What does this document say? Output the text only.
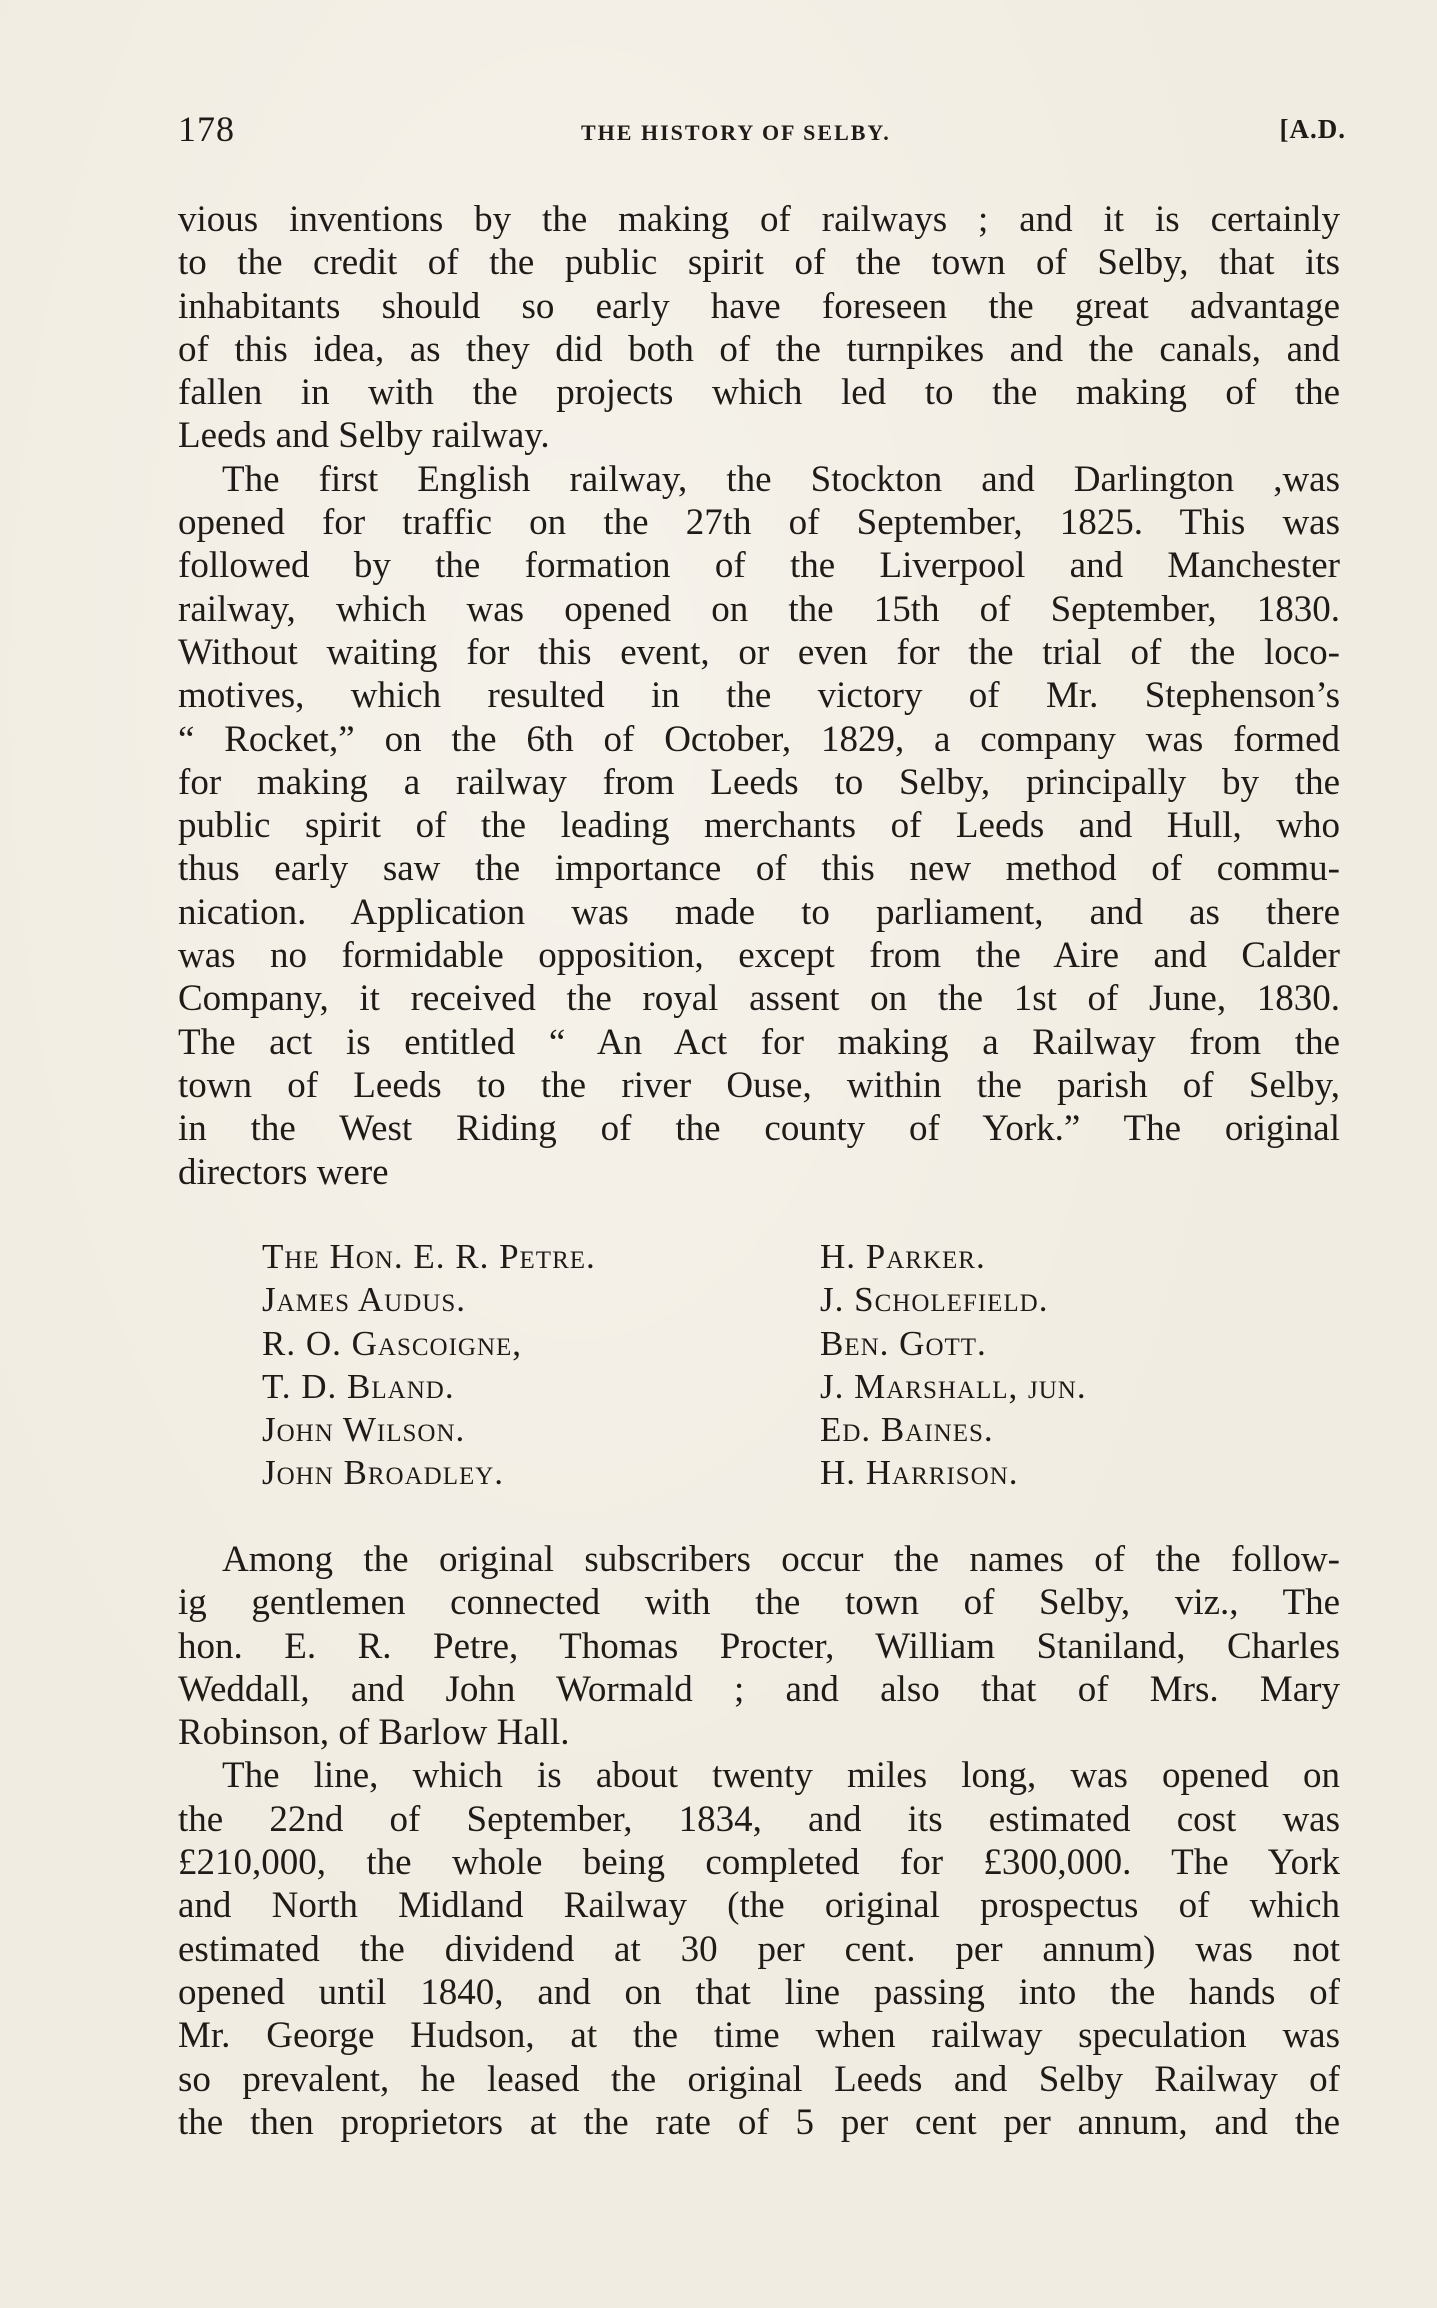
178	THE HISTORY OF SELBY.	[A.D.
vious inventions by the making of railways ; and it is certainly
to the credit of the public spirit of the town of Selby, that its
inhabitants should so early have foreseen the great advantage
of this idea, as they did both of the turnpikes and the canals, and
fallen in with the projects which led to the making of the
Leeds and Selby railway.
The first English railway, the Stockton and Darlington ,was
opened for traffic on the 27th of September, 1825. This was
followed by the formation of the Liverpool and Manchester
railway, which was opened on the 15th of September, 1830.
Without waiting for this event, or even for the trial of the loco-
motives, which resulted in the victory of Mr. Stephenson’s
“ Rocket,” on the 6th of October, 1829, a company was formed
for making a railway from Leeds to Selby, principally by the
public spirit of the leading merchants of Leeds and Hull, who
thus early saw the importance of this new method of commu-
nication. Application was made to parliament, and as there
was no formidable opposition, except from the Aire and Calder
Company, it received the royal assent on the 1st of June, 1830.
The act is entitled “ An Act for making a Railway from the
town of Leeds to the river Ouse, within the parish of Selby,
in the West Riding of the county of York.” The original
directors were
The Hon. E. R. Petre.
James Audus.
R. O. Gascoigne,
T. D. Bland.
John Wilson.
John Broadley.
H. Parker.
J. Scholefield.
Ben. Gott.
J. Marshall, jun.
Ed. Baines.
H. Harrison.
Among the original subscribers occur the names of the follow-
ig gentlemen connected with the town of Selby, viz., The
hon. E. R. Petre, Thomas Procter, William Staniland, Charles
Weddall, and John Wormald ; and also that of Mrs. Mary
Robinson, of Barlow Hall.
The line, which is about twenty miles long, was opened on
the 22nd of September, 1834, and its estimated cost was
£210,000, the whole being completed for £300,000. The York
and North Midland Railway (the original prospectus of which
estimated the dividend at 30 per cent. per annum) was not
opened until 1840, and on that line passing into the hands of
Mr. George Hudson, at the time when railway speculation was
so prevalent, he leased the original Leeds and Selby Railway of
the then proprietors at the rate of 5 per cent per annum, and the
